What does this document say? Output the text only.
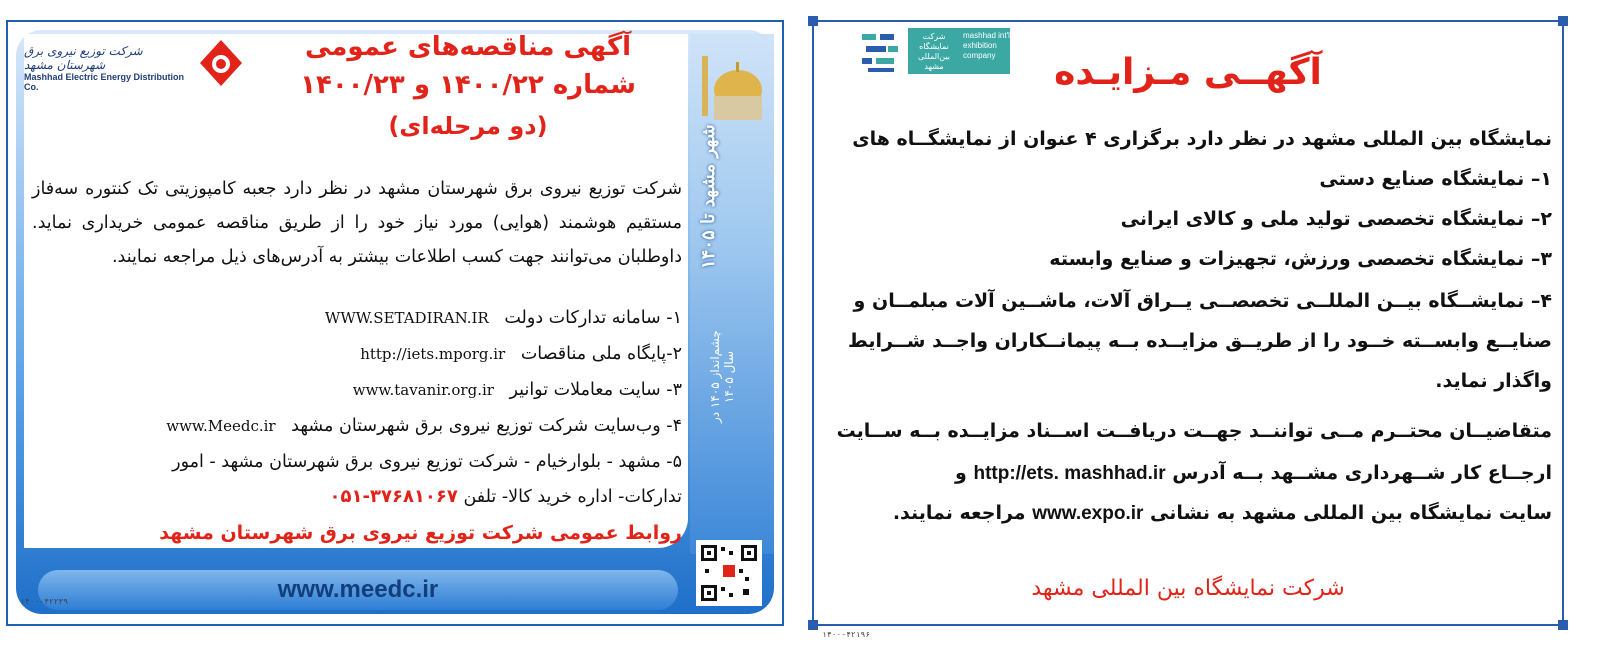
شهر مشهد تا ۱۴۰۵
چشم‌انداز ۱۴۰۵ در سال ۱۴۰۵
شرکت توزیع نیروی برق شهرستان مشهد
Mashhad Electric Energy Distribution Co.
آگهی مناقصه‌های عمومی
شماره ۱۴۰۰/۲۲ و ۱۴۰۰/۲۳
(دو مرحله‌ای)
شرکت توزیع نیروی برق شهرستان مشهد در نظر دارد جعبه کامپوزیتی تک کنتوره سه‌فاز مستقیم هوشمند (هوایی) مورد نیاز خود را از طریق مناقصه عمومی خریداری نماید. داوطلبان می‌توانند جهت کسب اطلاعات بیشتر به آدرس‌های ذیل مراجعه نمایند.
۱- سامانه تدارکات دولت WWW.SETADIRAN.IR
۲-پایگاه ملی مناقصات http://iets.mporg.ir
۳- سایت معاملات توانیر www.tavanir.org.ir
۴- وب‌سایت شرکت توزیع نیروی برق شهرستان مشهد www.Meedc.ir
۵- مشهد - بلوارخیام - شرکت توزیع نیروی برق شهرستان مشهد - امور
تدارکات- اداره خرید کالا- تلفن ۳۷۶۸۱۰۶۷-۰۵۱
روابط عمومی شرکت توزیع نیروی برق شهرستان مشهد
www.meedc.ir
۱۴۰۰-۴۲۲۳۹
شرکت نمایشگاه بین‌المللی مشهد
mashhad int'l exhibition company	آگهــی مـزایـده
نمایشگاه بین المللی مشهد در نظر دارد برگزاری ۴ عنوان از نمایشگــاه های
۱– نمایشگاه صنایع دستی
۲– نمایشگاه تخصصی تولید ملی و کالای ایرانی
۳– نمایشگاه تخصصی ورزش، تجهیزات و صنایع وابسته
۴– نمایشــگاه بیــن المللــی تخصصــی یــراق آلات، ماشــین آلات مبلمــان و
صنایــع وابســته خــود را از طریــق مزایــده بــه پیمانــکاران واجــد شــرایط
واگذار نماید.
متقاضیــان محتــرم مــی تواننــد جهــت دریافــت اســناد مزایــده بــه ســایت
ارجــاع کار شــهرداری مشــهد بــه آدرس http://ets. mashhad.ir و
سایت نمایشگاه بین المللی مشهد به نشانی www.expo.ir مراجعه نمایند.
شرکت نمایشگاه بین المللی مشهد
۱۴۰۰-۴۲۱۹۶
